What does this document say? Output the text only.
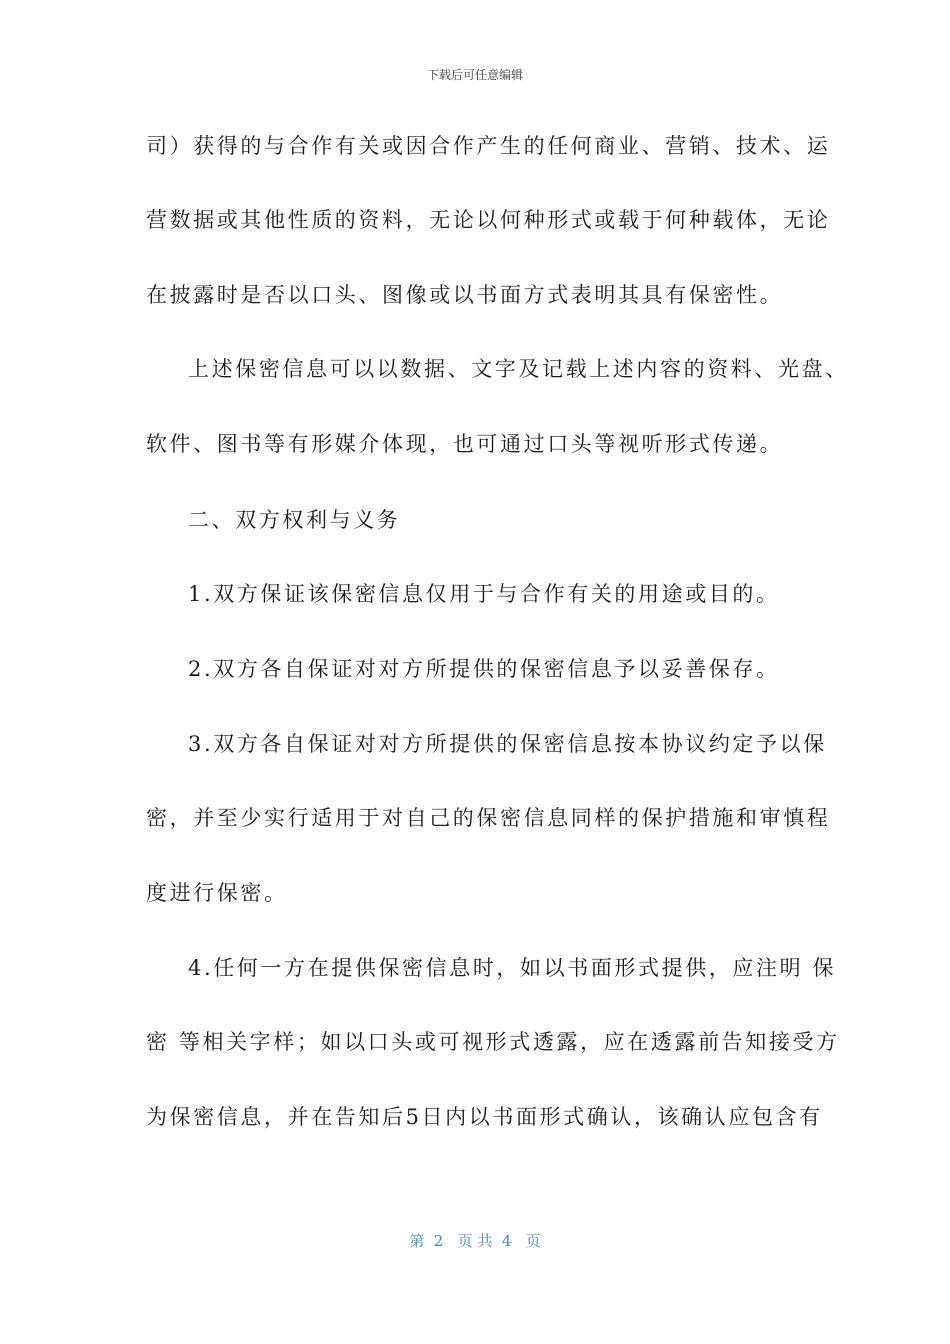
下载后可任意编辑
司）获得的与合作有关或因合作产生的任何商业、营销、技术、运
营数据或其他性质的资料，无论以何种形式或载于何种载体，无论
在披露时是否以口头、图像或以书面方式表明其具有保密性。
上述保密信息可以以数据、文字及记载上述内容的资料、光盘、
软件、图书等有形媒介体现，也可通过口头等视听形式传递。
二、双方权利与义务
1.双方保证该保密信息仅用于与合作有关的用途或目的。
2.双方各自保证对对方所提供的保密信息予以妥善保存。
3.双方各自保证对对方所提供的保密信息按本协议约定予以保
密，并至少实行适用于对自己的保密信息同样的保护措施和审慎程
度进行保密。
4.任何一方在提供保密信息时，如以书面形式提供，应注明 保
密 等相关字样；如以口头或可视形式透露，应在透露前告知接受方
为保密信息，并在告知后5日内以书面形式确认，该确认应包含有
第  2   页 共  4   页
